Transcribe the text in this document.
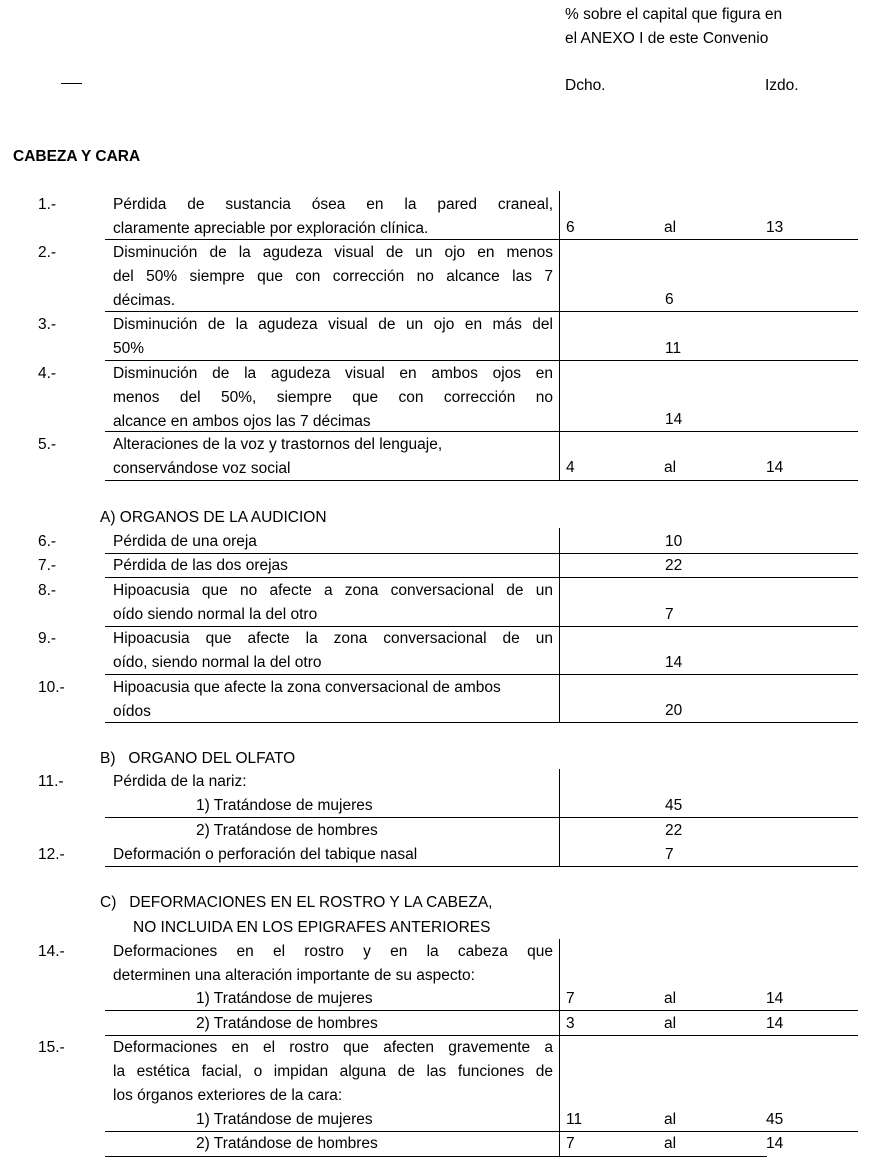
% sobre el capital que figura en
el ANEXO I de este Convenio
Dcho.	Izdo.
CABEZA Y CARA
1.-	Pérdida de sustancia ósea en la pared craneal,
claramente apreciable por exploración clínica.	6	al	13
2.-	Disminución de la agudeza visual de un ojo en menos
del 50% siempre que con corrección no alcance las 7
décimas.	6
3.-	Disminución de la agudeza visual de un ojo en más del
50%	11
4.-	Disminución de la agudeza visual en ambos ojos en
menos del 50%, siempre que con corrección no
alcance en ambos ojos las 7 décimas	14
5.-	Alteraciones de la voz y trastornos del lenguaje,
conservándose voz social	4	al	14
A) ORGANOS DE LA AUDICION
6.-	Pérdida de una oreja	10
7.-	Pérdida de las dos orejas	22
8.-	Hipoacusia que no afecte a zona conversacional de un
oído siendo normal la del otro	7
9.-	Hipoacusia que afecte la zona conversacional de un
oído, siendo normal la del otro	14
10.-	Hipoacusia que afecte la zona conversacional de ambos
oídos	20
B)   ORGANO DEL OLFATO
11.-	Pérdida de la nariz:
1) Tratándose de mujeres	45
2) Tratándose de hombres	22
12.-	Deformación o perforación del tabique nasal	7
C)   DEFORMACIONES EN EL ROSTRO Y LA CABEZA,
NO INCLUIDA EN LOS EPIGRAFES ANTERIORES
14.-	Deformaciones en el rostro y en la cabeza que
determinen una alteración importante de su aspecto:
1) Tratándose de mujeres	7	al	14
2) Tratándose de hombres	3	al	14
15.-	Deformaciones en el rostro que afecten gravemente a
la estética facial, o impidan alguna de las funciones de
los órganos exteriores de la cara:
1) Tratándose de mujeres	11	al	45
2) Tratándose de hombres	7	al	14
